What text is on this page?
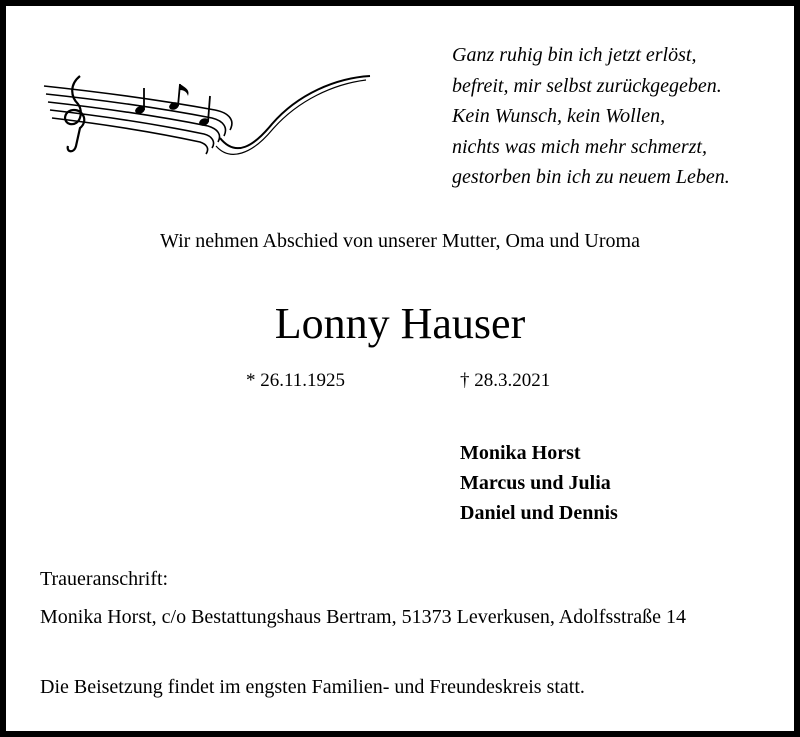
Ganz ruhig bin ich jetzt erlöst,
befreit, mir selbst zurückgegeben.
Kein Wunsch, kein Wollen,
nichts was mich mehr schmerzt,
gestorben bin ich zu neuem Leben.
Wir nehmen Abschied von unserer Mutter, Oma und Uroma
Lonny Hauser
* 26.11.1925	† 28.3.2021
Monika Horst
Marcus und Julia
Daniel und Dennis
Traueranschrift:
Monika Horst, c/o Bestattungshaus Bertram, 51373 Leverkusen, Adolfsstraße 14
Die Beisetzung findet im engsten Familien- und Freundeskreis statt.
